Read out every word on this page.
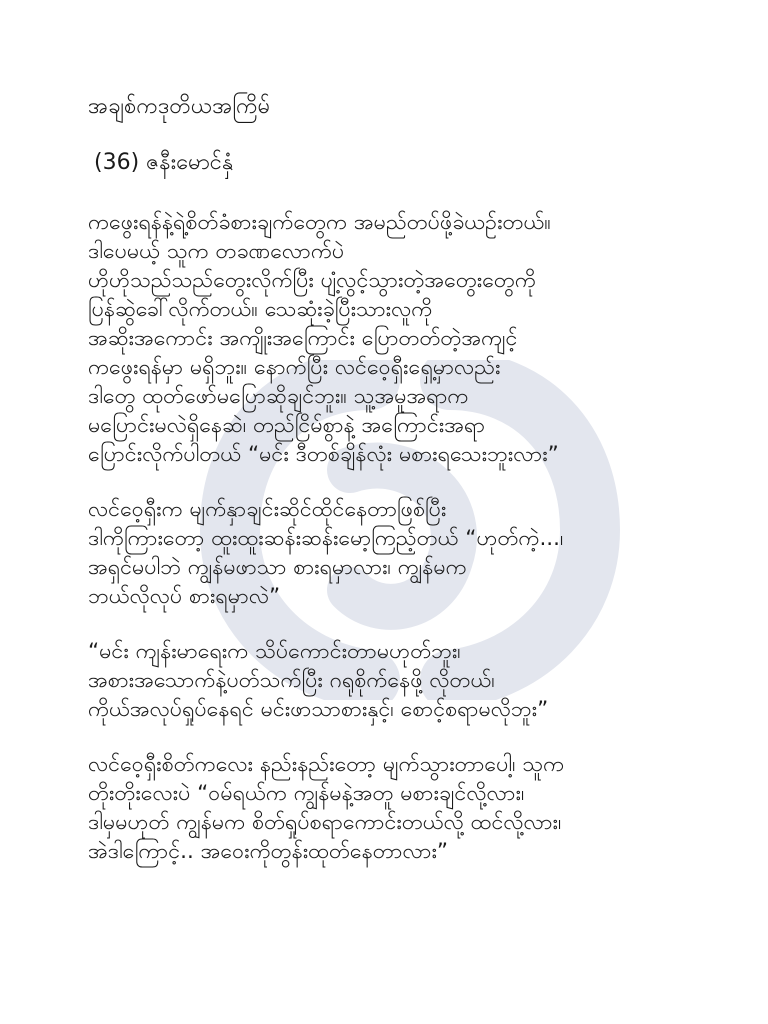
အချစ်ကဒုတိယအကြိမ်
(36) ဇနီးမောင်နှံ

ကဖွေးရန်နဲ့ရဲ့စိတ်ခံစားချက်တွေက အမည်တပ်ဖို့ခဲယဉ်းတယ်။
ဒါပေမယ့် သူက တခဏလောက်ပဲ
ဟိုဟိုသည်သည်တွေးလိုက်ပြီး ပျံ့လွင့်သွားတဲ့အတွေးတွေကို
ပြန်ဆွဲခေါ်လိုက်တယ်။ သေဆုံးခဲ့ပြီးသားလူကို
အဆိုးအကောင်း အကျိုးအကြောင်း ပြောတတ်တဲ့အကျင့်
ကဖွေးရန်မှာ မရှိဘူး။ နောက်ပြီး လင်ဝေ့ရှီးရှေ့မှာလည်း
ဒါတွေ ထုတ်ဖော်မပြောဆိုချင်ဘူး။ သူ့အမူအရာက
မပြောင်းမလဲရှိနေဆဲ၊ တည်ငြိမ်စွာနဲ့ အကြောင်းအရာ
ပြောင်းလိုက်ပါတယ် “မင်း ဒီတစ်ချိန်လုံး မစားရသေးဘူးလား”

လင်ဝေ့ရှီးက မျက်နှာချင်းဆိုင်ထိုင်နေတာဖြစ်ပြီး
ဒါကိုကြားတော့ ထူးထူးဆန်းဆန်းမော့ကြည့်တယ် “ဟုတ်ကဲ့...၊
အရှင်မပါဘဲ ကျွန်မဖာသာ စားရမှာလား၊ ကျွန်မက
ဘယ်လိုလုပ် စားရမှာလဲ”

“မင်း ကျန်းမာရေးက သိပ်ကောင်းတာမဟုတ်ဘူး၊
အစားအသောက်နဲ့ပတ်သက်ပြီး ဂရုစိုက်နေဖို့ လိုတယ်၊
ကိုယ်အလုပ်ရှုပ်နေရင် မင်းဖာသာစားနှင့်၊ စောင့်စရာမလိုဘူး”

လင်ဝေ့ရှီးစိတ်ကလေး နည်းနည်းတော့ မျက်သွားတာပေါ့၊ သူက
တိုးတိုးလေးပဲ “ဝမ်ရယ်က ကျွန်မနဲ့အတူ မစားချင်လို့လား၊
ဒါမှမဟုတ် ကျွန်မက စိတ်ရှုပ်စရာကောင်းတယ်လို့ ထင်လို့လား၊
အဲဒါကြောင့်.. အဝေးကိုတွန်းထုတ်နေတာလား”
